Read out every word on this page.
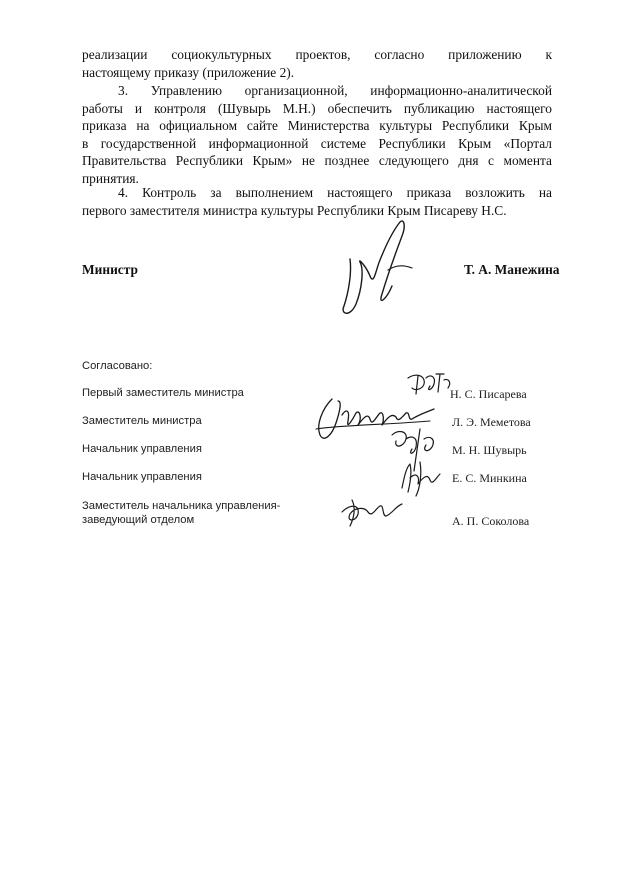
реализации социокультурных проектов, согласно приложению к
настоящему приказу (приложение 2).
3. Управлению организационной, информационно-аналитической
работы и контроля (Шувырь М.Н.) обеспечить публикацию настоящего
приказа на официальном сайте Министерства культуры Республики Крым
в государственной информационной системе Республики Крым «Портал
Правительства Республики Крым» не позднее следующего дня с момента
принятия.
4. Контроль за выполнением настоящего приказа возложить на
первого заместителя министра культуры Республики Крым Писареву Н.С.
Министр	Т. А. Манежина
Согласовано:
Первый заместитель министра	Н. С. Писарева
Заместитель министра	Л. Э. Меметова
Начальник управления	М. Н. Шувырь
Начальник управления	Е. С. Минкина
Заместитель начальника управления-
заведующий отделом	А. П. Соколова
